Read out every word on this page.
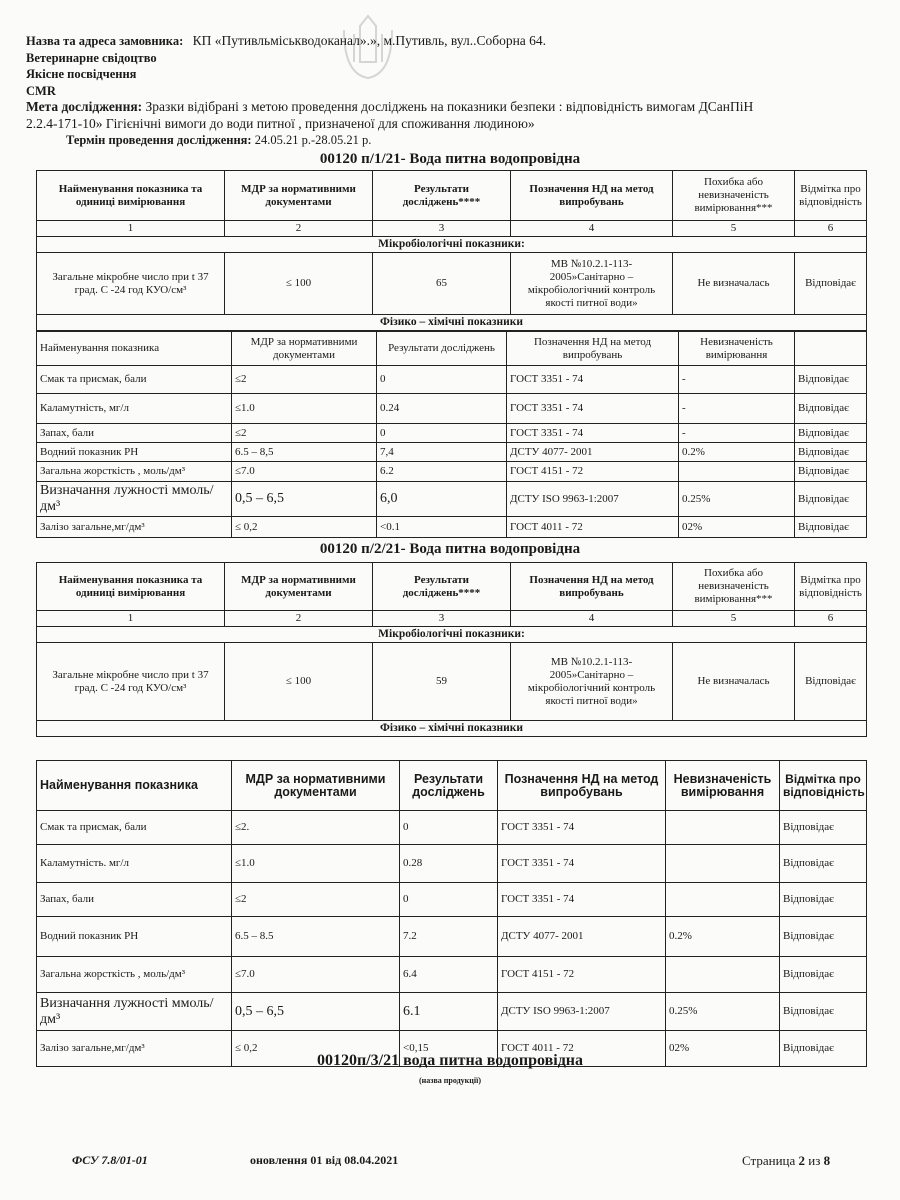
Назва та адреса замовника: КП «Путивльміськводоканал».», м.Путивль, вул..Соборна 64.
Ветеринарне свідоцтво
Якісне посвідчення
CMR
Мета дослідження: Зразки відібрані з метою проведення досліджень на показники безпеки : відповідність вимогам ДСанПіН
2.2.4-171-10» Гігієнічні вимоги до води питної , призначеної для споживання людиною»
Термін проведення дослідження: 24.05.21 р.-28.05.21 р.
00120 п/1/21- Вода питна водопровідна
Найменування показника та одиниці вимірювання	МДР за нормативними документами	Результати досліджень****	Позначення НД на метод випробувань	Похибка або невизначеність вимірювання***	Відмітка про відповідність
1	2	3	4	5	6
Мікробіологічні показники:					
Загальне мікробне число при t 37 град. С -24 год КУО/см³	≤ 100	65	МВ №10.2.1-113-2005»Санітарно – мікробіологічний контроль якості питної води»	Не визначалась	Відповідає
Фізико – хімічні показники					
Найменування показника	МДР за нормативними документами	Результати досліджень	Позначення НД на метод випробувань	Невизначеність вимірювання	
Смак та присмак, бали	≤2	0	ГОСТ 3351 - 74	-	Відповідає
Каламутність, мг/л	≤1.0	0.24	ГОСТ 3351 - 74	-	Відповідає
Запах, бали	≤2	0	ГОСТ 3351 - 74	-	Відповідає
Водний показник PH	6.5 – 8,5	7,4	ДСТУ 4077- 2001	0.2%	Відповідає
Загальна жорсткість , моль/дм³	≤7.0	6.2	ГОСТ 4151 - 72		Відповідає
Визначання лужності ммоль/дм³	0,5 – 6,5	6,0	ДСТУ ISO 9963-1:2007	0.25%	Відповідає
Залізо загальне,мг/дм³	≤ 0,2	<0.1	ГОСТ 4011 - 72	02%	Відповідає
00120 п/2/21- Вода питна водопровідна
Найменування показника та одиниці вимірювання	МДР за нормативними документами	Результати досліджень****	Позначення НД на метод випробувань	Похибка або невизначеність вимірювання***	Відмітка про відповідність
1	2	3	4	5	6
Мікробіологічні показники:					
Загальне мікробне число при t 37 град. С -24 год КУО/см³	≤ 100	59	МВ №10.2.1-113-2005»Санітарно – мікробіологічний контроль якості питної води»	Не визначалась	Відповідає
Фізико – хімічні показники					
Найменування показника	МДР за нормативними документами	Результати досліджень	Позначення НД на метод випробувань	Невизначеність вимірювання	Відмітка про відповідність
Смак та присмак, бали	≤2.	0	ГОСТ 3351 - 74		Відповідає
Каламутність. мг/л	≤1.0	0.28	ГОСТ 3351 - 74		Відповідає
Запах, бали	≤2	0	ГОСТ 3351 - 74		Відповідає
Водний показник PH	6.5 – 8.5	7.2	ДСТУ 4077- 2001	0.2%	Відповідає
Загальна жорсткість , моль/дм³	≤7.0	6.4	ГОСТ 4151 - 72		Відповідає
Визначання лужності ммоль/дм³	0,5 – 6,5	6.1	ДСТУ ISO 9963-1:2007	0.25%	Відповідає
Залізо загальне,мг/дм³	≤ 0,2	<0,15	ГОСТ 4011 - 72	02%	Відповідає
00120п/3/21 вода питна водопровідна
(назва продукції)
ФСУ 7.8/01-01	оновлення 01 від 08.04.2021	Страница 2 из 8
